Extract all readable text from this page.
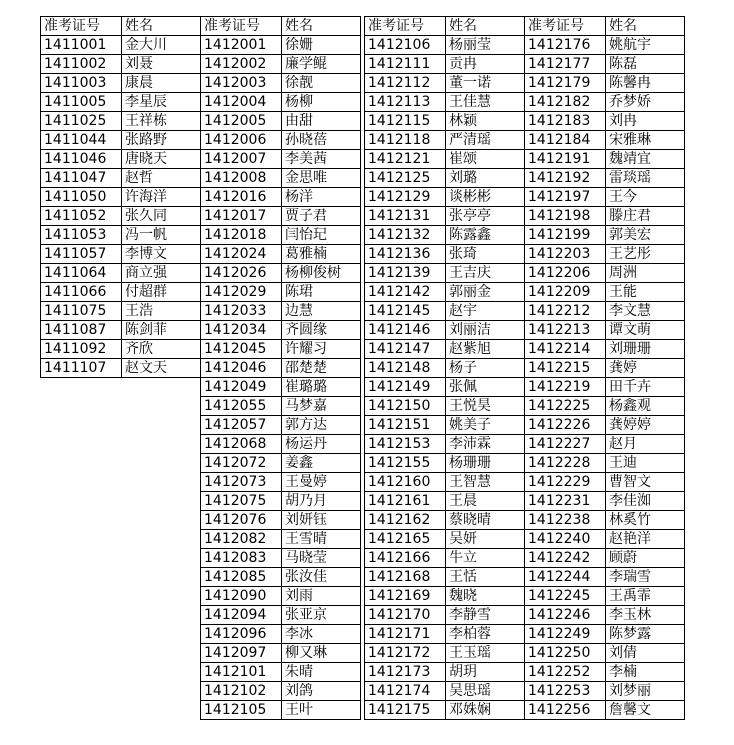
准考证号	姓名
1411001	金大川
1411002	刘聂
1411003	康晨
1411005	李星辰
1411025	王祥栋
1411044	张路野
1411046	唐晓天
1411047	赵哲
1411050	许海洋
1411052	张久同
1411053	冯一帆
1411057	李博文
1411064	商立强
1411066	付超群
1411075	王浩
1411087	陈剑菲
1411092	齐欣
1411107	赵文天
准考证号	姓名
1412001	徐姗
1412002	廉学鲲
1412003	徐靓
1412004	杨柳
1412005	由甜
1412006	孙晓蓓
1412007	李美茜
1412008	金思唯
1412016	杨洋
1412017	贾子君
1412018	闫怡玘
1412024	葛雅楠
1412026	杨柳俊树
1412029	陈珺
1412033	边慧
1412034	齐圆缘
1412045	许耀习
1412046	邵楚楚
1412049	崔璐璐
1412055	马梦嘉
1412057	郭方达
1412068	杨运丹
1412072	姜鑫
1412073	王曼婷
1412075	胡乃月
1412076	刘妍钰
1412082	王雪晴
1412083	马晓莹
1412085	张汝佳
1412090	刘雨
1412094	张亚京
1412096	李冰
1412097	柳又琳
1412101	朱晴
1412102	刘鸽
1412105	王叶
准考证号	姓名
1412106	杨丽莹
1412111	贡冉
1412112	董一诺
1412113	王佳慧
1412115	林颖
1412118	严清瑶
1412121	崔颂
1412125	刘璐
1412129	谈彬彬
1412131	张亭亭
1412132	陈露鑫
1412136	张琦
1412139	王吉庆
1412142	郭丽金
1412145	赵宇
1412146	刘丽洁
1412147	赵紫旭
1412148	杨子
1412149	张佩
1412150	王悦昊
1412151	姚美子
1412153	李沛霖
1412155	杨珊珊
1412160	王智慧
1412161	王晨
1412162	蔡晓晴
1412165	吴妍
1412166	牛立
1412168	王恬
1412169	魏晓
1412170	李静雪
1412171	李柏蓉
1412172	王玉瑶
1412173	胡玥
1412174	吴思瑶
1412175	邓姝娴
准考证号	姓名
1412176	姚航宇
1412177	陈磊
1412179	陈馨冉
1412182	乔梦娇
1412183	刘冉
1412184	宋雅琳
1412191	魏靖宜
1412192	雷琰瑶
1412197	王今
1412198	滕庄君
1412199	郭美宏
1412203	王艺彤
1412206	周洲
1412209	王能
1412212	李文慧
1412213	谭文萌
1412214	刘珊珊
1412215	龚婷
1412219	田千卉
1412225	杨鑫观
1412226	龚婷婷
1412227	赵月
1412228	王迪
1412229	曹智文
1412231	李佳洳
1412238	林奚竹
1412240	赵艳洋
1412242	顾蔚
1412244	李瑞雪
1412245	王禹霏
1412246	李玉林
1412249	陈梦露
1412250	刘倩
1412252	李楠
1412253	刘梦丽
1412256	詹馨文
